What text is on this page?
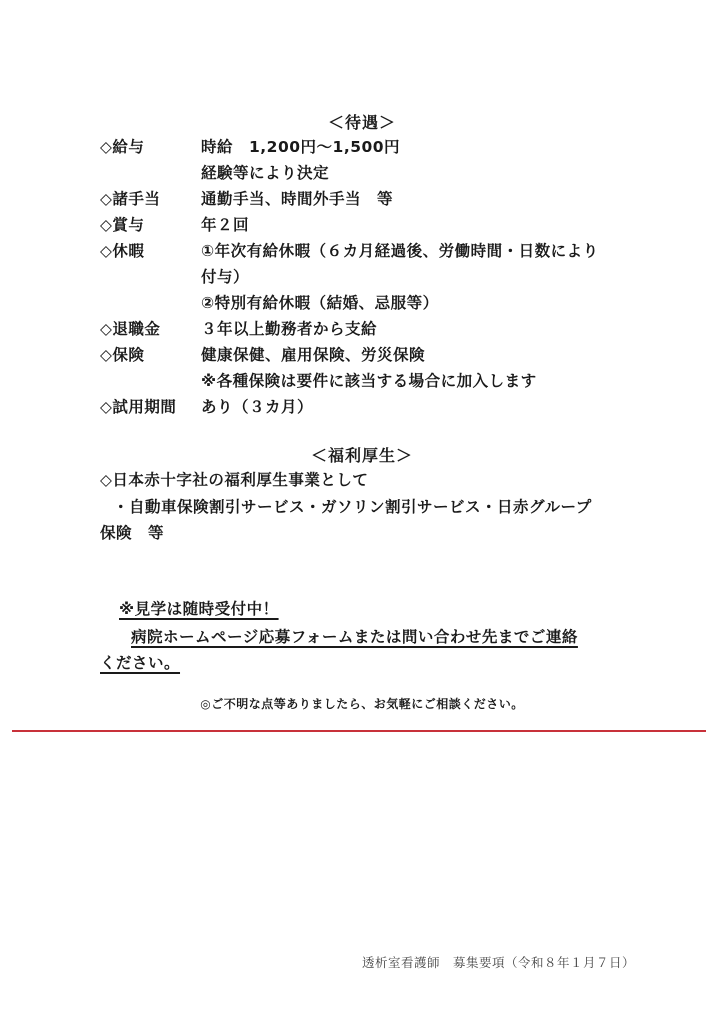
＜待遇＞
◇給与	時給　1,200円～1,500円
経験等により決定
◇諸手当	通勤手当、時間外手当　等
◇賞与	年２回
◇休暇	①年次有給休暇（６カ月経過後、労働時間・日数により
付与）
②特別有給休暇（結婚、忌服等）
◇退職金	３年以上勤務者から支給
◇保険	健康保健、雇用保険、労災保険
※各種保険は要件に該当する場合に加入します
◇試用期間 あり（３カ月）
＜福利厚生＞
◇日本赤十字社の福利厚生事業として
・自動車保険割引サービス・ガソリン割引サービス・日赤グループ
保険　等
※見学は随時受付中！
病院ホームページ応募フォームまたは問い合わせ先までご連絡
ください。
◎ご不明な点等ありましたら、お気軽にご相談ください。
透析室看護師　募集要項（令和８年１月７日）
